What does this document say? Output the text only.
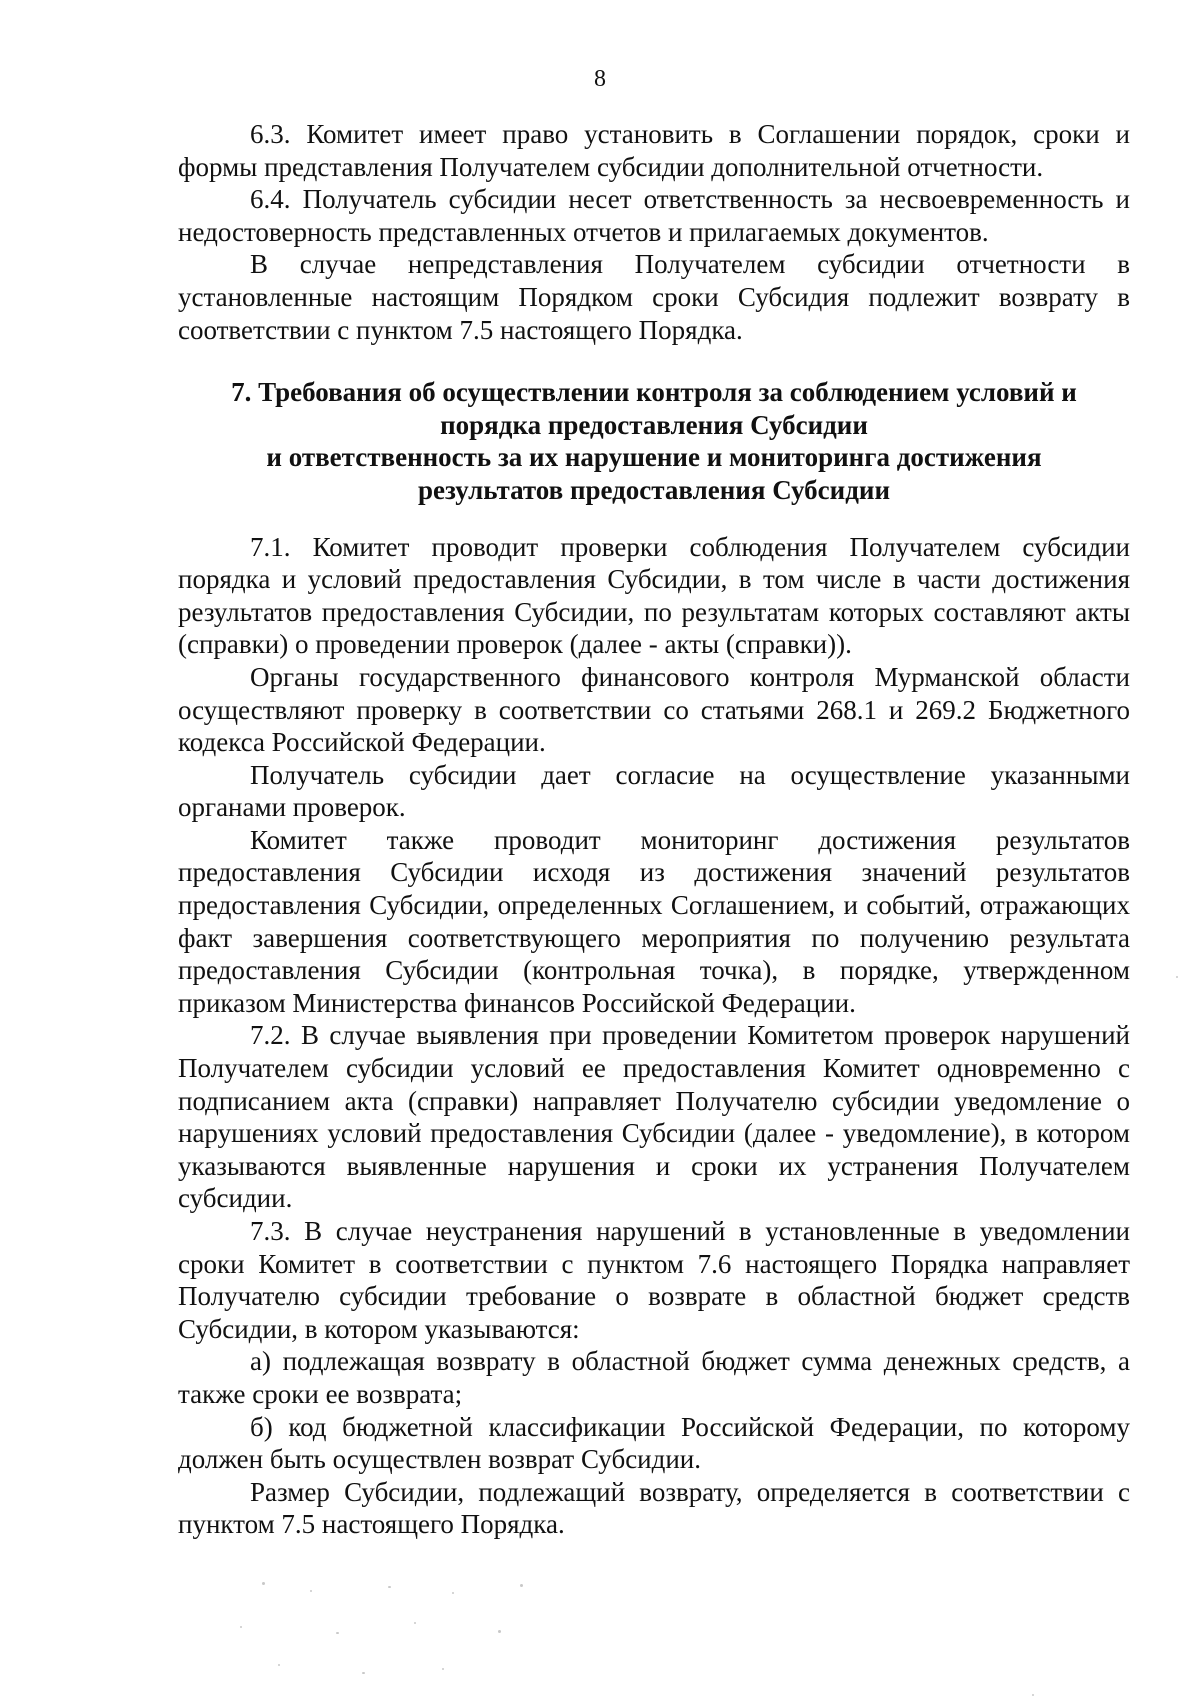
8

6.3. Комитет имеет право установить в Соглашении порядок, сроки и формы представления Получателем субсидии дополнительной отчетности.

6.4. Получатель субсидии несет ответственность за несвоевременность и недостоверность представленных отчетов и прилагаемых документов.

В случае непредставления Получателем субсидии отчетности в установленные настоящим Порядком сроки Субсидия подлежит возврату в соответствии с пунктом 7.5 настоящего Порядка.

7. Требования об осуществлении контроля за соблюдением условий и
порядка предоставления Субсидии
и ответственность за их нарушение и мониторинга достижения
результатов предоставления Субсидии

7.1. Комитет проводит проверки соблюдения Получателем субсидии порядка и условий предоставления Субсидии, в том числе в части достижения результатов предоставления Субсидии, по результатам которых составляют акты (справки) о проведении проверок (далее - акты (справки)).

Органы государственного финансового контроля Мурманской области осуществляют проверку в соответствии со статьями 268.1 и 269.2 Бюджетного кодекса Российской Федерации.

Получатель субсидии дает согласие на осуществление указанными органами проверок.

Комитет также проводит мониторинг достижения результатов предоставления Субсидии исходя из достижения значений результатов предоставления Субсидии, определенных Соглашением, и событий, отражающих факт завершения соответствующего мероприятия по получению результата предоставления Субсидии (контрольная точка), в порядке, утвержденном приказом Министерства финансов Российской Федерации.

7.2. В случае выявления при проведении Комитетом проверок нарушений Получателем субсидии условий ее предоставления Комитет одновременно с подписанием акта (справки) направляет Получателю субсидии уведомление о нарушениях условий предоставления Субсидии (далее - уведомление), в котором указываются выявленные нарушения и сроки их устранения Получателем субсидии.

7.3. В случае неустранения нарушений в установленные в уведомлении сроки Комитет в соответствии с пунктом 7.6 настоящего Порядка направляет Получателю субсидии требование о возврате в областной бюджет средств Субсидии, в котором указываются:

а) подлежащая возврату в областной бюджет сумма денежных средств, а также сроки ее возврата;

б) код бюджетной классификации Российской Федерации, по которому должен быть осуществлен возврат Субсидии.

Размер Субсидии, подлежащий возврату, определяется в соответствии с пунктом 7.5 настоящего Порядка.
